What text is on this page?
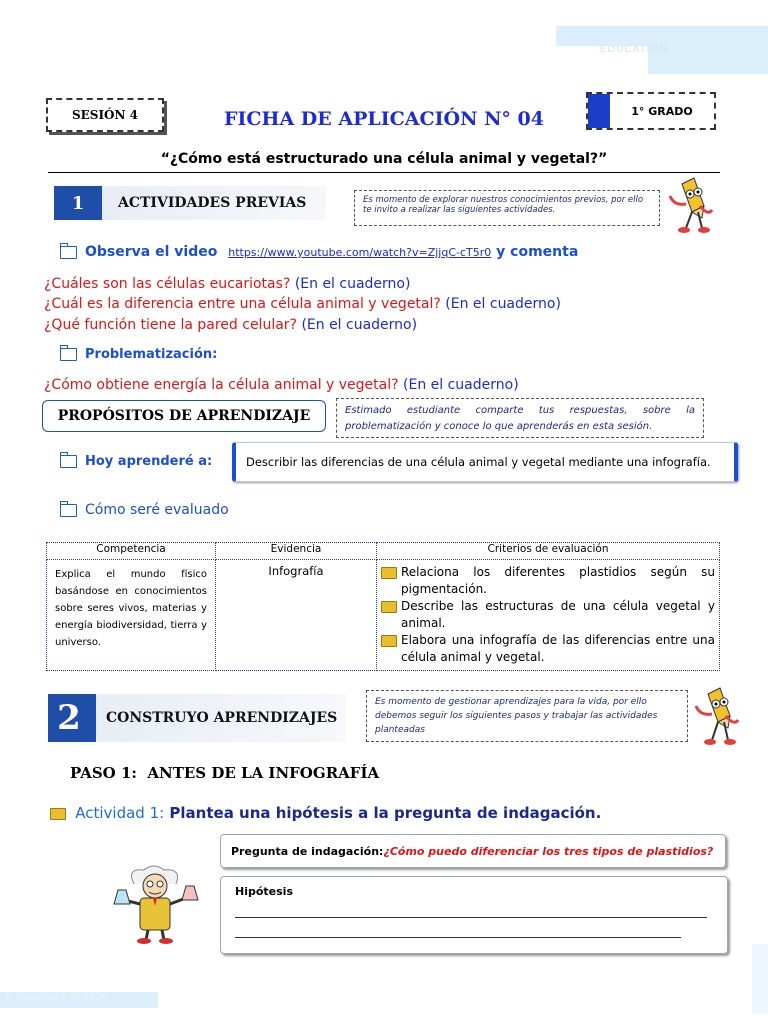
EDUCATION
© Copyright CI 2024
SESIÓN 4	1° GRADO
FICHA DE APLICACIÓN N° 04
“¿Cómo está estructurado una célula animal y vegetal?”
1	ACTIVIDADES PREVIAS	Es momento de explorar nuestros conocimientos previos, por ello te invito a realizar las siguientes actividades.
Observa el video https://www.youtube.com/watch?v=ZjjqC-cT5r0 y comenta
¿Cuáles son las células eucariotas? (En el cuaderno)
¿Cuál es la diferencia entre una célula animal y vegetal? (En el cuaderno)
¿Qué función tiene la pared celular? (En el cuaderno)
Problematización:
¿Cómo obtiene energía la célula animal y vegetal? (En el cuaderno)
PROPÓSITOS DE APRENDIZAJE	Estimado estudiante comparte tus respuestas, sobre la problematización y conoce lo que aprenderás en esta sesión.
Hoy aprenderé a:	Describir las diferencias de una célula animal y vegetal mediante una infografía.
Cómo seré evaluado
Competencia	Evidencia	Criterios de evaluación
Explica el mundo físico basándose en conocimientos sobre seres vivos, materias y energía biodiversidad, tierra y universo.	Infografía	Relaciona los diferentes plastidios según su pigmentación.
Describe las estructuras de una célula vegetal y animal.
Elabora una infografía de las diferencias entre una célula animal y vegetal.
2	CONSTRUYO APRENDIZAJES
Es momento de gestionar aprendizajes para la vida, por ello debemos seguir los siguientes pasos y trabajar las actividades planteadas
PASO 1:  ANTES DE LA INFOGRAFÍA
Actividad 1: Plantea una hipótesis a la pregunta de indagación.
Pregunta de indagación: ¿Cómo puedo diferenciar los tres tipos de plastidios?
Hipótesis
